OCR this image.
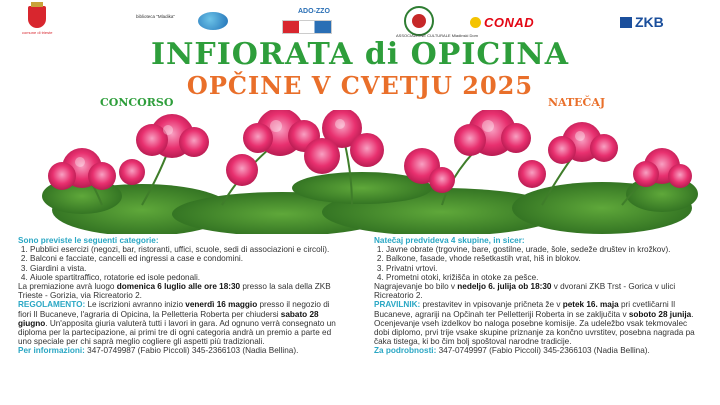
comune di trieste
biblioteca "Mladika"
ADO-ZZO
ASSOCIAZIONE CULTURALE Mladinski Dom
CONAD	ZKB
INFIORATA di OPICINA
OPČINE V CVETJU 2025
CONCORSO	NATEČAJ

Sono previste le seguenti categorie:

1. Pubblici esercizi (negozi, bar, ristoranti, uffici, scuole, sedi di associazioni e circoli).
2. Balconi e facciate, cancelli ed ingressi a case e condomini.
3. Giardini a vista.
4. Aiuole spartitraffico, rotatorie ed isole pedonali.

La premiazione avrà luogo domenica 6 luglio alle ore 18:30 presso la sala della ZKB Trieste - Gorizia, via Ricreatorio 2.

REGOLAMENTO: Le iscrizioni avranno inizio venerdì 16 maggio presso il negozio di fiori Il Bucaneve, l'agraria di Opicina, la Pelletteria Roberta per chiudersi sabato 28 giugno. Un'apposita giuria valuterà tutti i lavori in gara. Ad ognuno verrà consegnato un diploma per la partecipazione, ai primi tre di ogni categoria andrà un premio a parte ed uno speciale per chi saprà meglio cogliere gli aspetti più tradizionali.

Per informazioni: 347-0749987 (Fabio Piccoli) 345-2366103 (Nadia Bellina).

Natečaj predvideva 4 skupine, in sicer:

1. Javne obrate (trgovine, bare, gostilne, urade, šole, sedeže društev in krožkov).
2. Balkone, fasade, vhode rešetkastih vrat, hiš in blokov.
3. Privatni vrtovi.
4. Prometni otoki, križišča in otoke za pešce.

Nagrajevanje bo bilo v nedeljo 6. julija ob 18:30 v dvorani ZKB Trst - Gorica v ulici Ricreatorio 2.

PRAVILNIK: prestavitev in vpisovanje pričneta že v petek 16. maja pri cvetličarni Il Bucaneve, agrariji na Opčinah ter Pelletteriji Roberta in se zaključita v soboto 28 junija. Ocenjevanje vseh izdelkov bo naloga posebne komisije. Za udeležbo vsak tekmovalec dobi diplomo, prvi trije vsake skupine priznanje za končno uvrstitev, posebna nagrada pa čaka tistega, ki bo čim bolj spoštoval narodne tradicije.

Za podrobnosti: 347-0749997 (Fabio Piccoli) 345-2366103 (Nadia Bellina).
